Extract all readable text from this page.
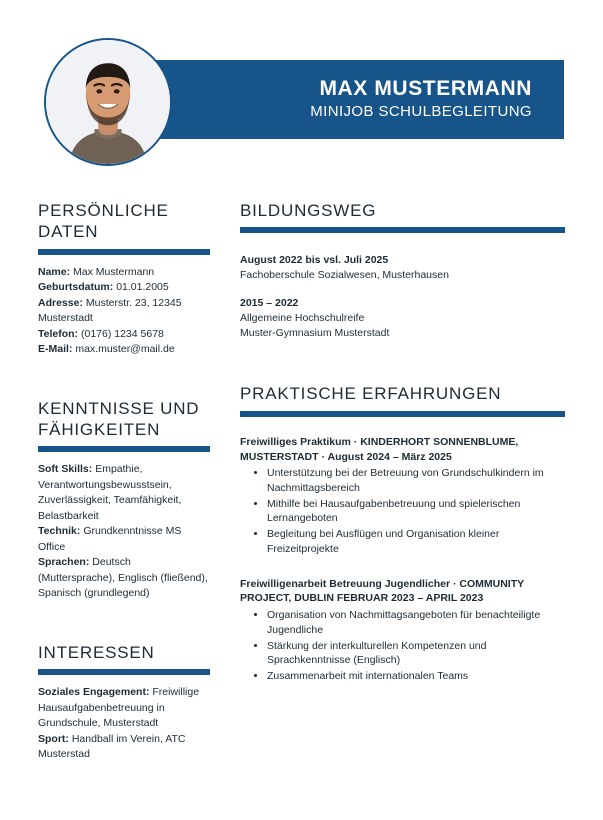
MAX MUSTERMANN
MINIJOB SCHULBEGLEITUNG
PERSÖNLICHE DATEN
Name: Max Mustermann
Geburtsdatum: 01.01.2005
Adresse: Musterstr. 23, 12345 Musterstadt
Telefon: (0176) 1234 5678
E-Mail: max.muster@mail.de
KENNTNISSE UND FÄHIGKEITEN
Soft Skills: Empathie, Verantwortungsbewusstsein, Zuverlässigkeit, Teamfähigkeit, Belastbarkeit
Technik: Grundkenntnisse MS Office
Sprachen: Deutsch (Muttersprache), Englisch (fließend), Spanisch (grundlegend)
INTERESSEN
Soziales Engagement: Freiwillige Hausaufgabenbetreuung in Grundschule, Musterstadt
Sport: Handball im Verein, ATC Musterstad
BILDUNGSWEG
August 2022 bis vsl. Juli 2025
Fachoberschule Sozialwesen, Musterhausen
2015 – 2022
Allgemeine Hochschulreife
Muster-Gymnasium Musterstadt
PRAKTISCHE ERFAHRUNGEN
Freiwilliges Praktikum · KINDERHORT SONNENBLUME, MUSTERSTADT · August 2024 – März 2025
• Unterstützung bei der Betreuung von Grundschulkindern im Nachmittagsbereich
• Mithilfe bei Hausaufgabenbetreuung und spielerischen Lernangeboten
• Begleitung bei Ausflügen und Organisation kleiner Freizeitprojekte
Freiwilligenarbeit Betreuung Jugendlicher · COMMUNITY PROJECT, DUBLIN FEBRUAR 2023 – APRIL 2023
• Organisation von Nachmittagsangeboten für benachteiligte Jugendliche
• Stärkung der interkulturellen Kompetenzen und Sprachkenntnisse (Englisch)
• Zusammenarbeit mit internationalen Teams
